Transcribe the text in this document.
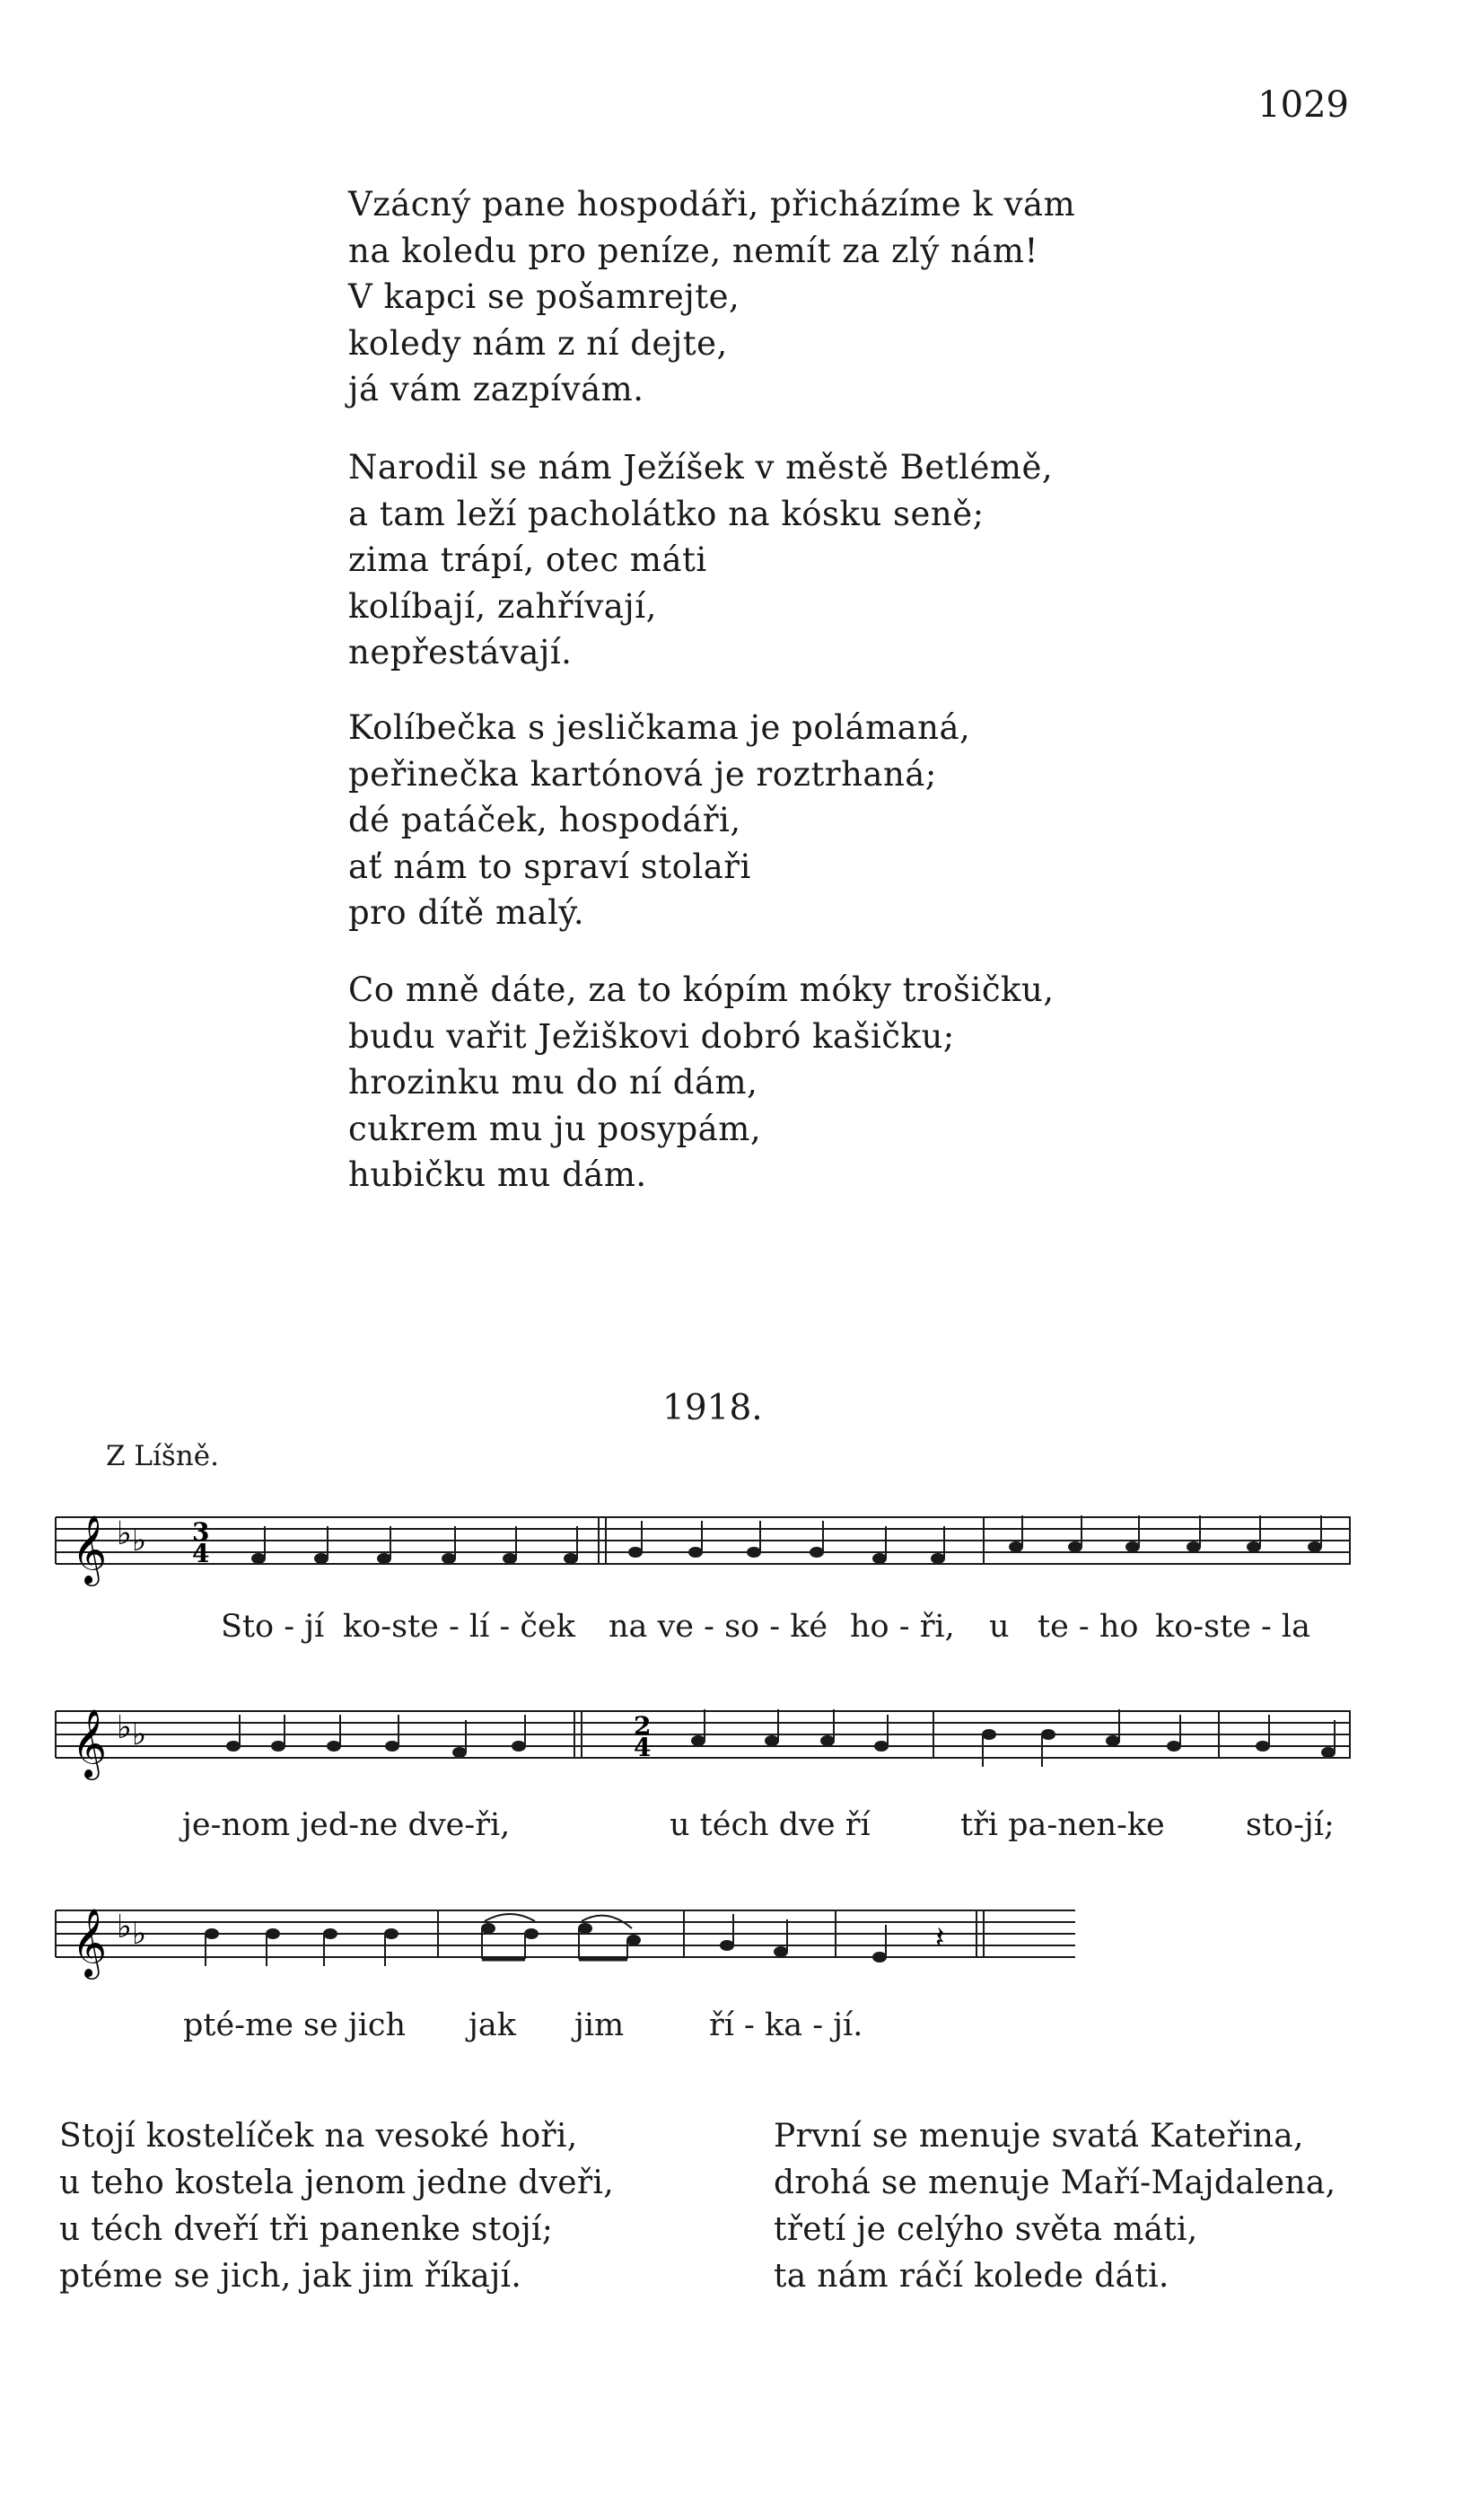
1029
Vzácný pane hospodáři, přicházíme k vám
na koledu pro peníze, nemít za zlý nám!
V kapci se pošamrejte,
koledy nám z ní dejte,
já vám zazpívám.
Narodil se nám Ježíšek v městě Betlémě,
a tam leží pacholátko na kósku seně;
zima trápí, otec máti
kolíbají, zahřívají,
nepřestávají.
Kolíbečka s jesličkama je polámaná,
peřinečka kartónová je roztrhaná;
dé patáček, hospodáři,
ať nám to spraví stolaři
pro dítě malý.
Co mně dáte, za to kópím móky trošičku,
budu vařit Ježiškovi dobró kašičku;
hrozinku mu do ní dám,
cukrem mu ju posypám,
hubičku mu dám.
1918.
Z Líšně.
𝄞 ♭ ♭ 3
4
Sto - jí ko-ste - lí - ček na ve - so - ké ho - ři, u te - ho ko-ste - la
𝄞 ♭ ♭	2
4
je-nom jed-ne dve-ři,	u téch dve ří	tři pa-nen-ke	sto-jí;
𝄞 ♭ ♭	𝄽
pté-me se jich jak jim	ří - ka - jí.
Stojí kostelíček na vesoké hoři,
u teho kostela jenom jedne dveři,
u téch dveří tři panenke stojí;
ptéme se jich, jak jim říkají.
První se menuje svatá Kateřina,
drohá se menuje Maří-Majdalena,
třetí je celýho světa máti,
ta nám ráčí kolede dáti.
